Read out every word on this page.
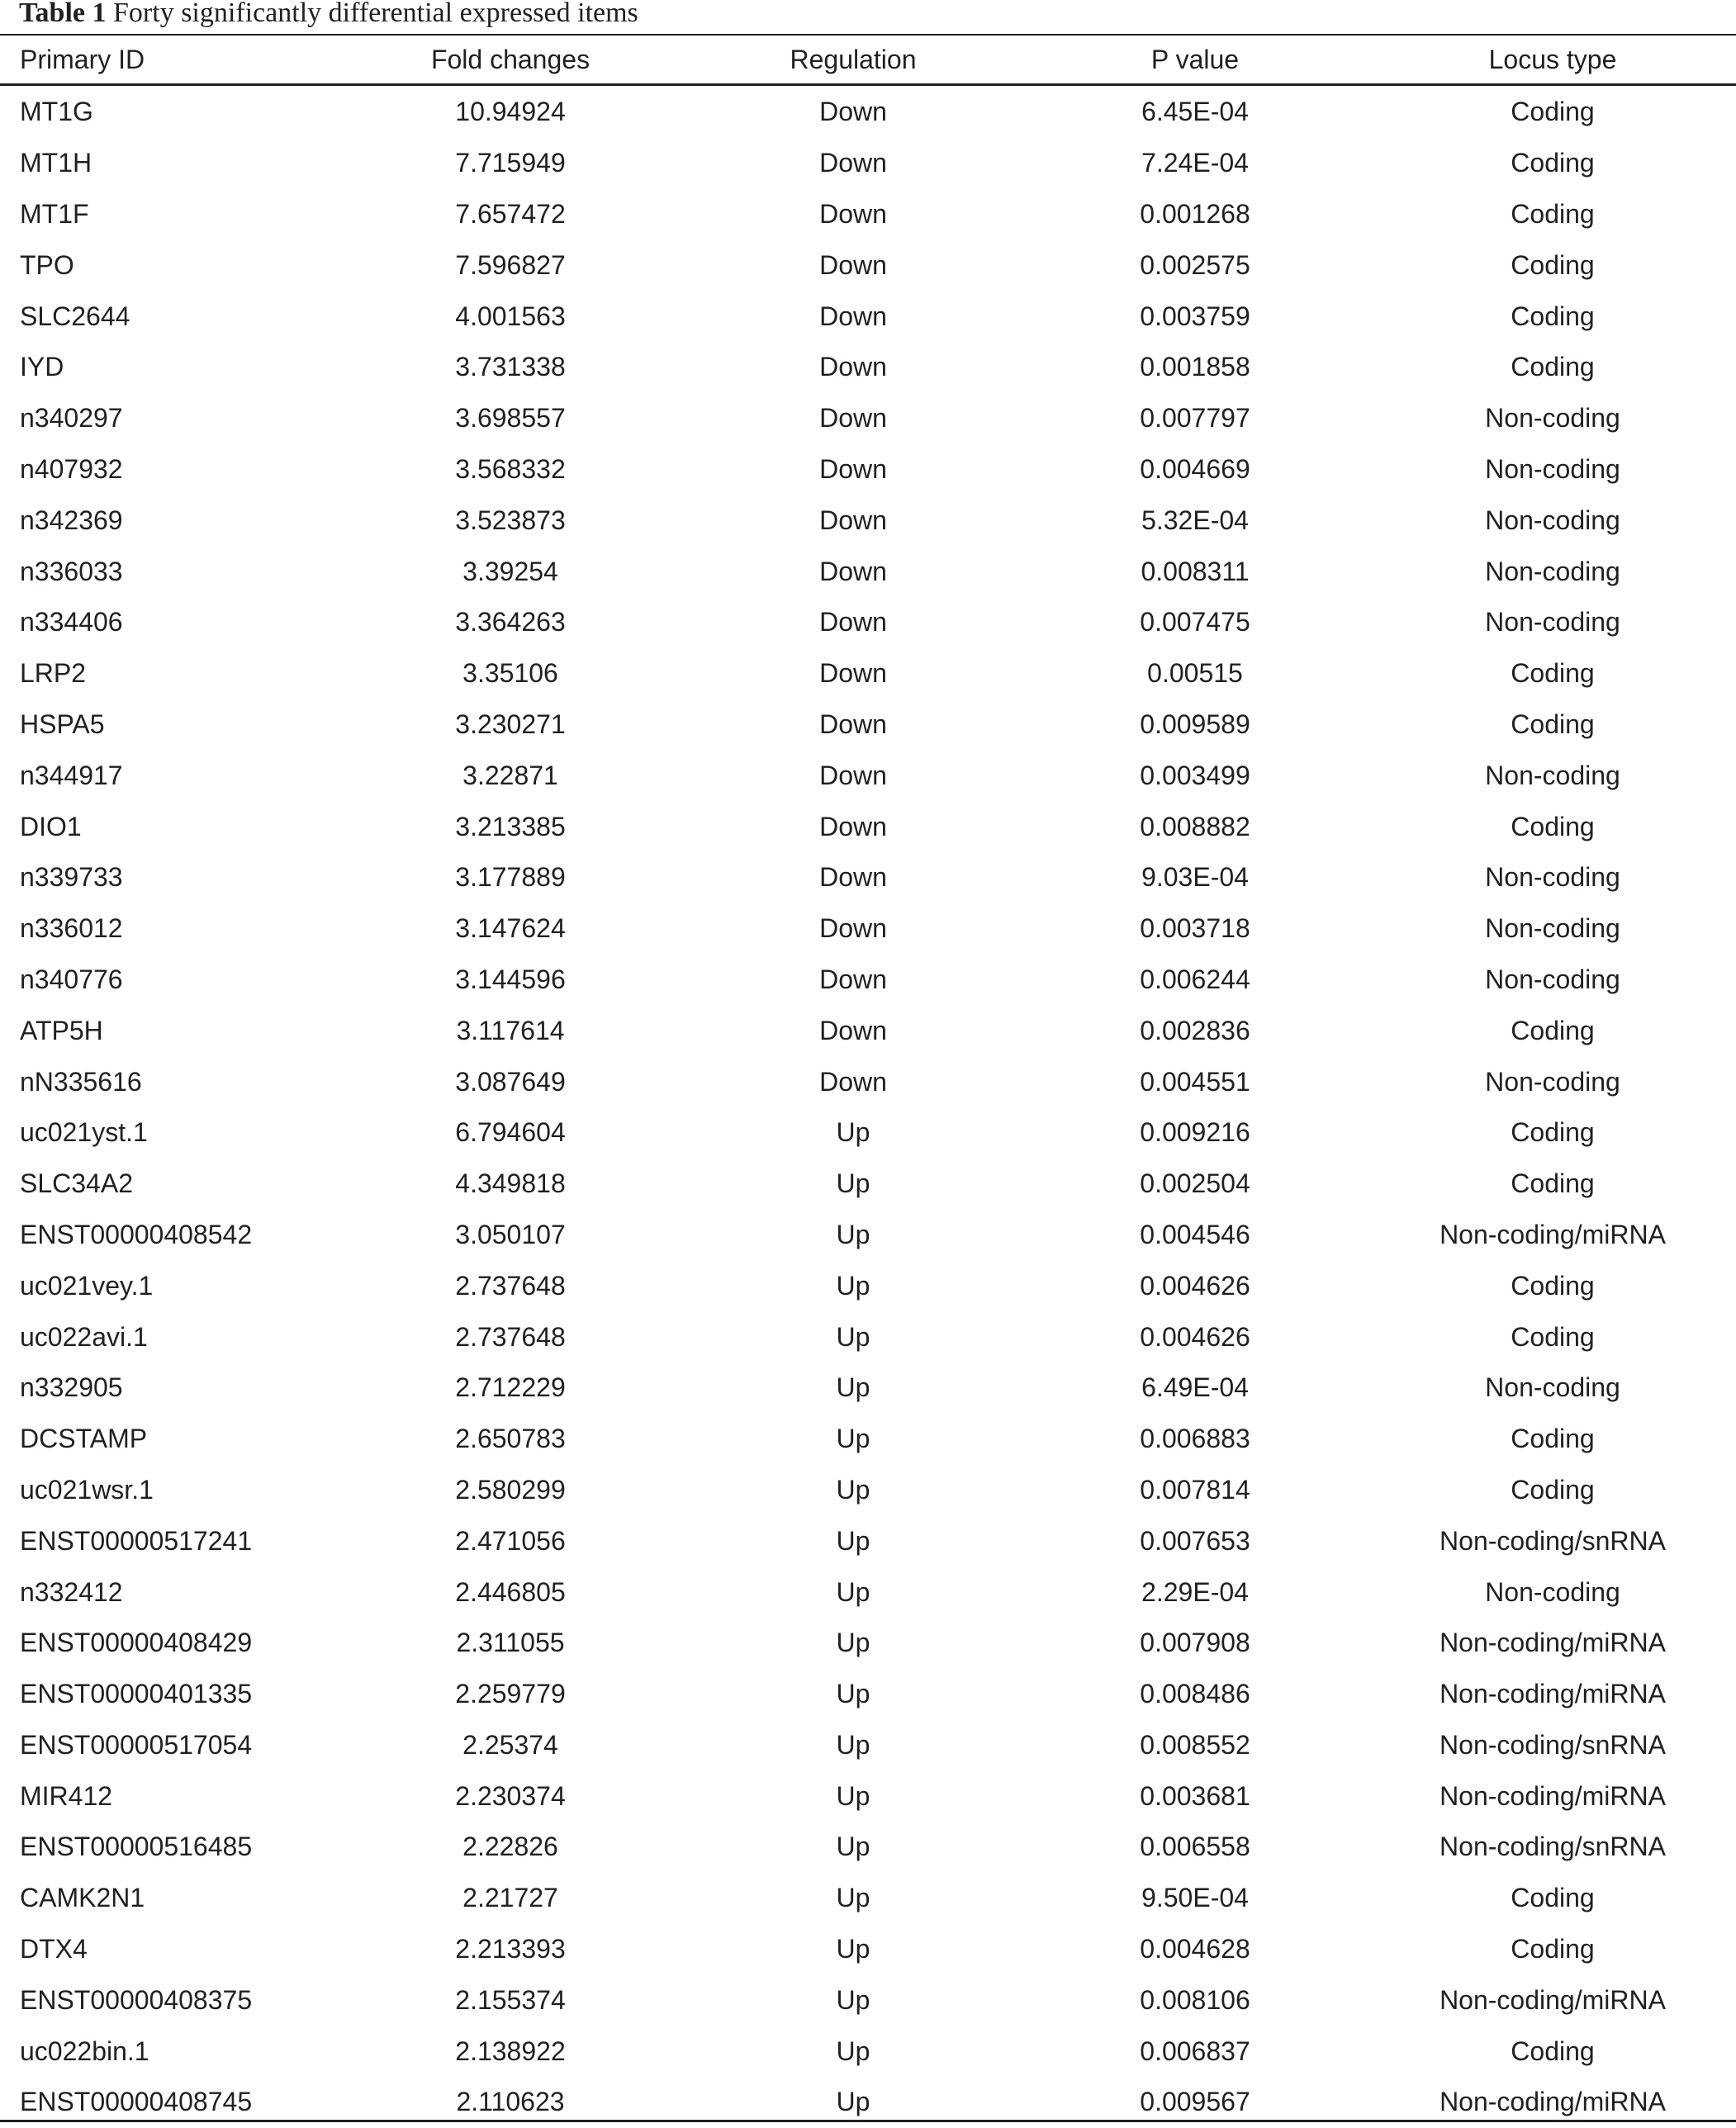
Table 1 Forty significantly differential expressed items
Primary ID	Fold changes	Regulation	P value	Locus type
MT1G	10.94924	Down	6.45E-04	Coding
MT1H	7.715949	Down	7.24E-04	Coding
MT1F	7.657472	Down	0.001268	Coding
TPO	7.596827	Down	0.002575	Coding
SLC2644	4.001563	Down	0.003759	Coding
IYD	3.731338	Down	0.001858	Coding
n340297	3.698557	Down	0.007797	Non-coding
n407932	3.568332	Down	0.004669	Non-coding
n342369	3.523873	Down	5.32E-04	Non-coding
n336033	3.39254	Down	0.008311	Non-coding
n334406	3.364263	Down	0.007475	Non-coding
LRP2	3.35106	Down	0.00515	Coding
HSPA5	3.230271	Down	0.009589	Coding
n344917	3.22871	Down	0.003499	Non-coding
DIO1	3.213385	Down	0.008882	Coding
n339733	3.177889	Down	9.03E-04	Non-coding
n336012	3.147624	Down	0.003718	Non-coding
n340776	3.144596	Down	0.006244	Non-coding
ATP5H	3.117614	Down	0.002836	Coding
nN335616	3.087649	Down	0.004551	Non-coding
uc021yst.1	6.794604	Up	0.009216	Coding
SLC34A2	4.349818	Up	0.002504	Coding
ENST00000408542	3.050107	Up	0.004546	Non-coding/miRNA
uc021vey.1	2.737648	Up	0.004626	Coding
uc022avi.1	2.737648	Up	0.004626	Coding
n332905	2.712229	Up	6.49E-04	Non-coding
DCSTAMP	2.650783	Up	0.006883	Coding
uc021wsr.1	2.580299	Up	0.007814	Coding
ENST00000517241	2.471056	Up	0.007653	Non-coding/snRNA
n332412	2.446805	Up	2.29E-04	Non-coding
ENST00000408429	2.311055	Up	0.007908	Non-coding/miRNA
ENST00000401335	2.259779	Up	0.008486	Non-coding/miRNA
ENST00000517054	2.25374	Up	0.008552	Non-coding/snRNA
MIR412	2.230374	Up	0.003681	Non-coding/miRNA
ENST00000516485	2.22826	Up	0.006558	Non-coding/snRNA
CAMK2N1	2.21727	Up	9.50E-04	Coding
DTX4	2.213393	Up	0.004628	Coding
ENST00000408375	2.155374	Up	0.008106	Non-coding/miRNA
uc022bin.1	2.138922	Up	0.006837	Coding
ENST00000408745	2.110623	Up	0.009567	Non-coding/miRNA
